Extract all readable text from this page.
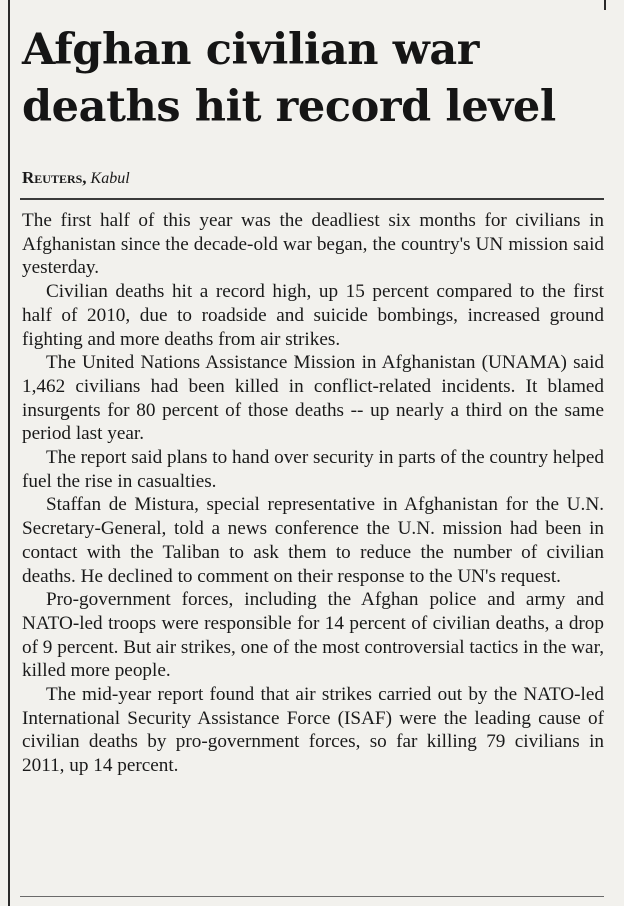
Afghan civilian war deaths hit record level
Reuters, Kabul

The first half of this year was the deadliest six months for civilians in Afghanistan since the decade-old war began, the country's UN mission said yesterday.

Civilian deaths hit a record high, up 15 percent compared to the first half of 2010, due to roadside and suicide bombings, increased ground fighting and more deaths from air strikes.

The United Nations Assistance Mission in Afghanistan (UNAMA) said 1,462 civilians had been killed in conflict-related incidents. It blamed insurgents for 80 percent of those deaths -- up nearly a third on the same period last year.

The report said plans to hand over security in parts of the country helped fuel the rise in casualties.

Staffan de Mistura, special representative in Afghanistan for the U.N. Secretary-General, told a news conference the U.N. mission had been in contact with the Taliban to ask them to reduce the number of civilian deaths. He declined to comment on their response to the UN's request.

Pro-government forces, including the Afghan police and army and NATO-led troops were responsible for 14 percent of civilian deaths, a drop of 9 percent. But air strikes, one of the most controversial tactics in the war, killed more people.

The mid-year report found that air strikes carried out by the NATO-led International Security Assistance Force (ISAF) were the leading cause of civilian deaths by pro-government forces, so far killing 79 civilians in 2011, up 14 percent.
